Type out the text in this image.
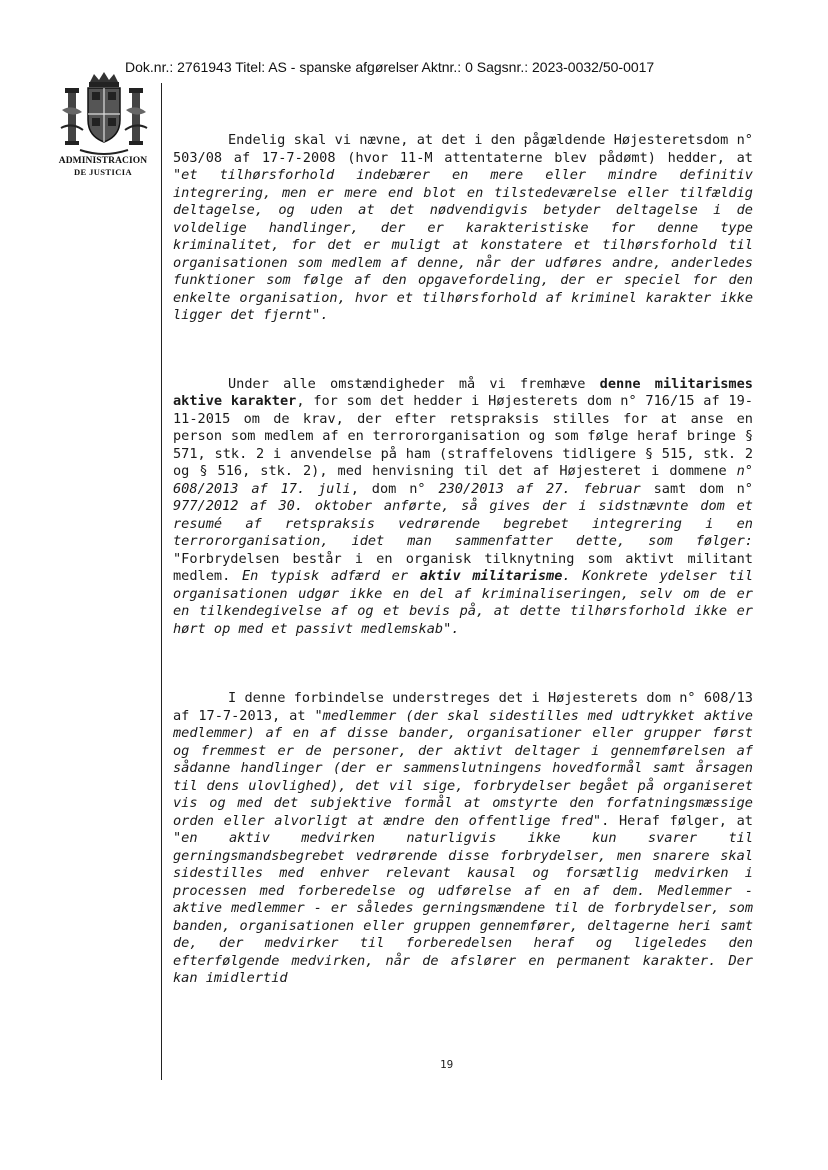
Dok.nr.: 2761943 Titel: AS - spanske afgørelser Aktnr.: 0 Sagsnr.: 2023-0032/50-0017
ADMINISTRACION
DE JUSTICIA

Endelig skal vi nævne, at det i den pågældende Højesteretsdom n° 503/08 af 17-7-2008 (hvor 11-M attentaterne blev pådømt) hedder, at "et tilhørsforhold indebærer en mere eller mindre definitiv integrering, men er mere end blot en tilstedeværelse eller tilfældig deltagelse, og uden at det nødvendigvis betyder deltagelse i de voldelige handlinger, der er karakteristiske for denne type kriminalitet, for det er muligt at konstatere et tilhørsforhold til organisationen som medlem af denne, når der udføres andre, anderledes funktioner som følge af den opgavefordeling, der er speciel for den enkelte organisation, hvor et tilhørsforhold af kriminel karakter ikke ligger det fjernt".

Under alle omstændigheder må vi fremhæve denne militarismes aktive karakter, for som det hedder i Højesterets dom n° 716/15 af 19-11-2015 om de krav, der efter retspraksis stilles for at anse en person som medlem af en terrororganisation og som følge heraf bringe § 571, stk. 2 i anvendelse på ham (straffelovens tidligere § 515, stk. 2 og § 516, stk. 2), med henvisning til det af Højesteret i dommene n° 608/2013 af 17. juli, dom n° 230/2013 af 27. februar samt dom n° 977/2012 af 30. oktober anførte, så gives der i sidstnævnte dom et resumé af retspraksis vedrørende begrebet integrering i en terrororganisation, idet man sammenfatter dette, som følger: "Forbrydelsen består i en organisk tilknytning som aktivt militant medlem. En typisk adfærd er aktiv militarisme. Konkrete ydelser til organisationen udgør ikke en del af kriminaliseringen, selv om de er en tilkendegivelse af og et bevis på, at dette tilhørsforhold ikke er hørt op med et passivt medlemskab".

I denne forbindelse understreges det i Højesterets dom n° 608/13 af 17-7-2013, at "medlemmer (der skal sidestilles med udtrykket aktive medlemmer) af en af disse bander, organisationer eller grupper først og fremmest er de personer, der aktivt deltager i gennemførelsen af sådanne handlinger (der er sammenslutningens hovedformål samt årsagen til dens ulovlighed), det vil sige, forbrydelser begået på organiseret vis og med det subjektive formål at omstyrte den forfatningsmæssige orden eller alvorligt at ændre den offentlige fred". Heraf følger, at "en aktiv medvirken naturligvis ikke kun svarer til gerningsmandsbegrebet vedrørende disse forbrydelser, men snarere skal sidestilles med enhver relevant kausal og forsætlig medvirken i processen med forberedelse og udførelse af en af dem. Medlemmer - aktive medlemmer - er således gerningsmændene til de forbrydelser, som banden, organisationen eller gruppen gennemfører, deltagerne heri samt de, der medvirker til forberedelsen heraf og ligeledes den efterfølgende medvirken, når de afslører en permanent karakter. Der kan imidlertid

19
